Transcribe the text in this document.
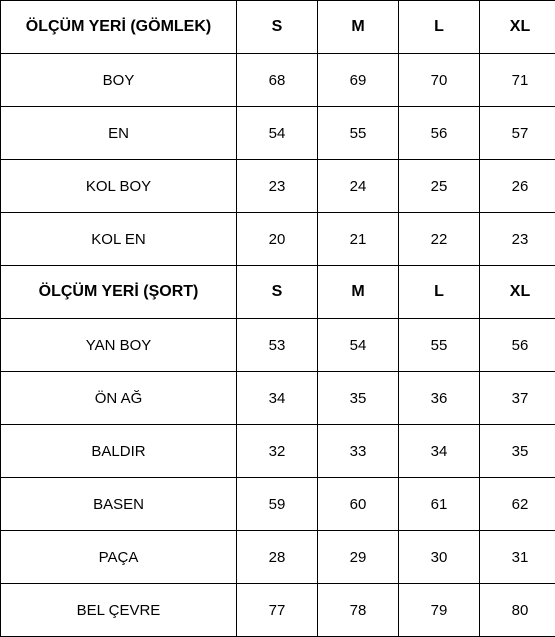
ÖLÇÜM YERİ (GÖMLEK)	S	M	L	XL
BOY	68	69	70	71
EN	54	55	56	57
KOL BOY	23	24	25	26
KOL EN	20	21	22	23
ÖLÇÜM YERİ (ŞORT)	S	M	L	XL
YAN BOY	53	54	55	56
ÖN AĞ	34	35	36	37
BALDIR	32	33	34	35
BASEN	59	60	61	62
PAÇA	28	29	30	31
BEL ÇEVRE	77	78	79	80
